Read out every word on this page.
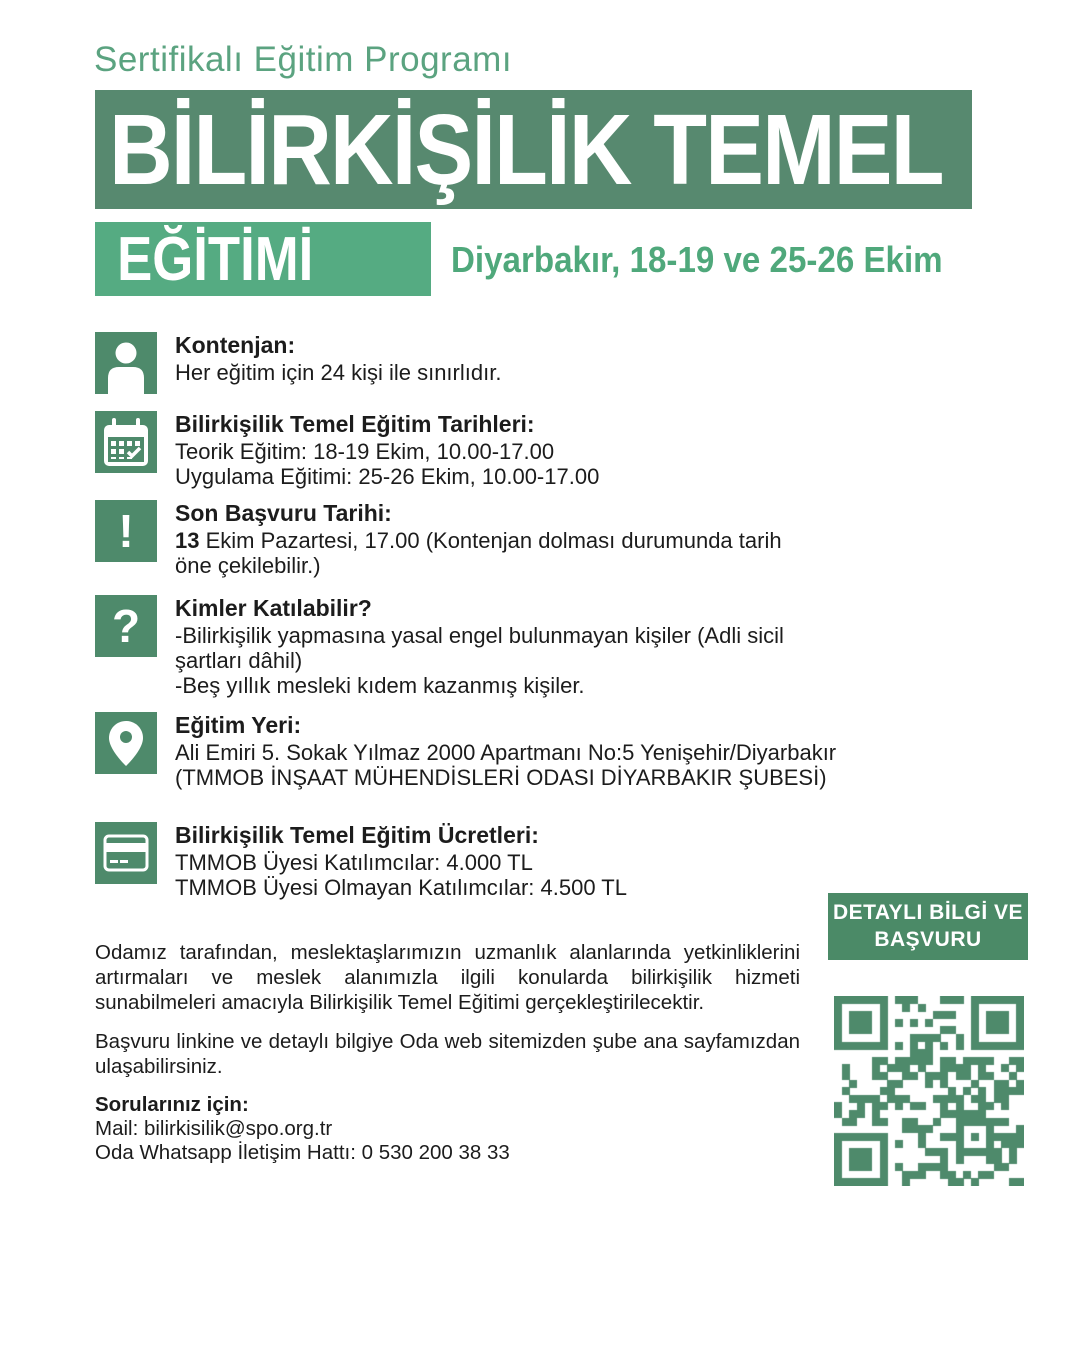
Sertifikalı Eğitim Programı
BİLİRKİŞİLİK TEMEL
EĞİTİMİ	Diyarbakır, 18-19 ve 25-26 Ekim
Kontenjan:
Her eğitim için 24 kişi ile sınırlıdır.
Bilirkişilik Temel Eğitim Tarihleri:
Teorik Eğitim: 18-19 Ekim, 10.00-17.00
Uygulama Eğitimi: 25-26 Ekim, 10.00-17.00
! Son Başvuru Tarihi:
13 Ekim Pazartesi, 17.00 (Kontenjan dolması durumunda tarih
öne çekilebilir.)
? Kimler Katılabilir?
-Bilirkişilik yapmasına yasal engel bulunmayan kişiler (Adli sicil
şartları dâhil)
-Beş yıllık mesleki kıdem kazanmış kişiler.
Eğitim Yeri:
Ali Emiri 5. Sokak Yılmaz 2000 Apartmanı No:5 Yenişehir/Diyarbakır
(TMMOB İNŞAAT MÜHENDİSLERİ ODASI DİYARBAKIR ŞUBESİ)
Bilirkişilik Temel Eğitim Ücretleri:
TMMOB Üyesi Katılımcılar: 4.000 TL
TMMOB Üyesi Olmayan Katılımcılar: 4.500 TL

Odamız tarafından, meslektaşlarımızın uzmanlık alanlarında yetkinliklerini artırmaları ve meslek alanımızla ilgili konularda bilirkişilik hizmeti sunabilmeleri amacıyla Bilirkişilik Temel Eğitimi gerçekleştirilecektir.

Başvuru linkine ve detaylı bilgiye Oda web sitemizden şube ana sayfamızdan ulaşabilirsiniz.

Sorularınız için:
Mail: bilirkisilik@spo.org.tr
Oda Whatsapp İletişim Hattı: 0 530 200 38 33
DETAYLI BİLGİ VE
BAŞVURU
